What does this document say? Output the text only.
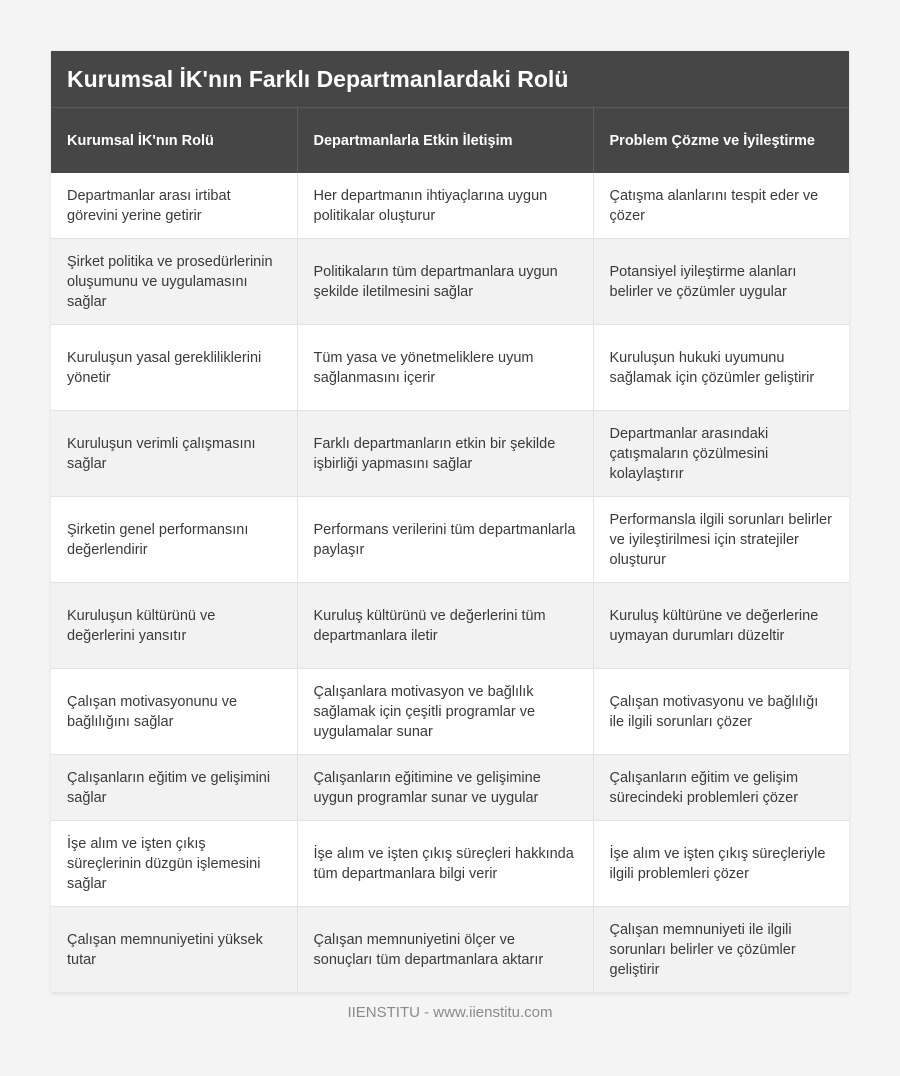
Kurumsal İK'nın Farklı Departmanlardaki Rolü
Kurumsal İK'nın Rolü	Departmanlarla Etkin İletişim	Problem Çözme ve İyileştirme
Departmanlar arası irtibat görevini yerine getirir	Her departmanın ihtiyaçlarına uygun politikalar oluşturur	Çatışma alanlarını tespit eder ve çözer
Şirket politika ve prosedürlerinin oluşumunu ve uygulamasını sağlar	Politikaların tüm departmanlara uygun şekilde iletilmesini sağlar	Potansiyel iyileştirme alanları belirler ve çözümler uygular
Kuruluşun yasal gerekliliklerini yönetir	Tüm yasa ve yönetmeliklere uyum sağlanmasını içerir	Kuruluşun hukuki uyumunu sağlamak için çözümler geliştirir
Kuruluşun verimli çalışmasını sağlar	Farklı departmanların etkin bir şekilde işbirliği yapmasını sağlar	Departmanlar arasındaki çatışmaların çözülmesini kolaylaştırır
Şirketin genel performansını değerlendirir	Performans verilerini tüm departmanlarla paylaşır	Performansla ilgili sorunları belirler ve iyileştirilmesi için stratejiler oluşturur
Kuruluşun kültürünü ve değerlerini yansıtır	Kuruluş kültürünü ve değerlerini tüm departmanlara iletir	Kuruluş kültürüne ve değerlerine uymayan durumları düzeltir
Çalışan motivasyonunu ve bağlılığını sağlar	Çalışanlara motivasyon ve bağlılık sağlamak için çeşitli programlar ve uygulamalar sunar	Çalışan motivasyonu ve bağlılığı ile ilgili sorunları çözer
Çalışanların eğitim ve gelişimini sağlar	Çalışanların eğitimine ve gelişimine uygun programlar sunar ve uygular	Çalışanların eğitim ve gelişim sürecindeki problemleri çözer
İşe alım ve işten çıkış süreçlerinin düzgün işlemesini sağlar	İşe alım ve işten çıkış süreçleri hakkında tüm departmanlara bilgi verir	İşe alım ve işten çıkış süreçleriyle ilgili problemleri çözer
Çalışan memnuniyetini yüksek tutar	Çalışan memnuniyetini ölçer ve sonuçları tüm departmanlara aktarır	Çalışan memnuniyeti ile ilgili sorunları belirler ve çözümler geliştirir
IIENSTITU - www.iienstitu.com
